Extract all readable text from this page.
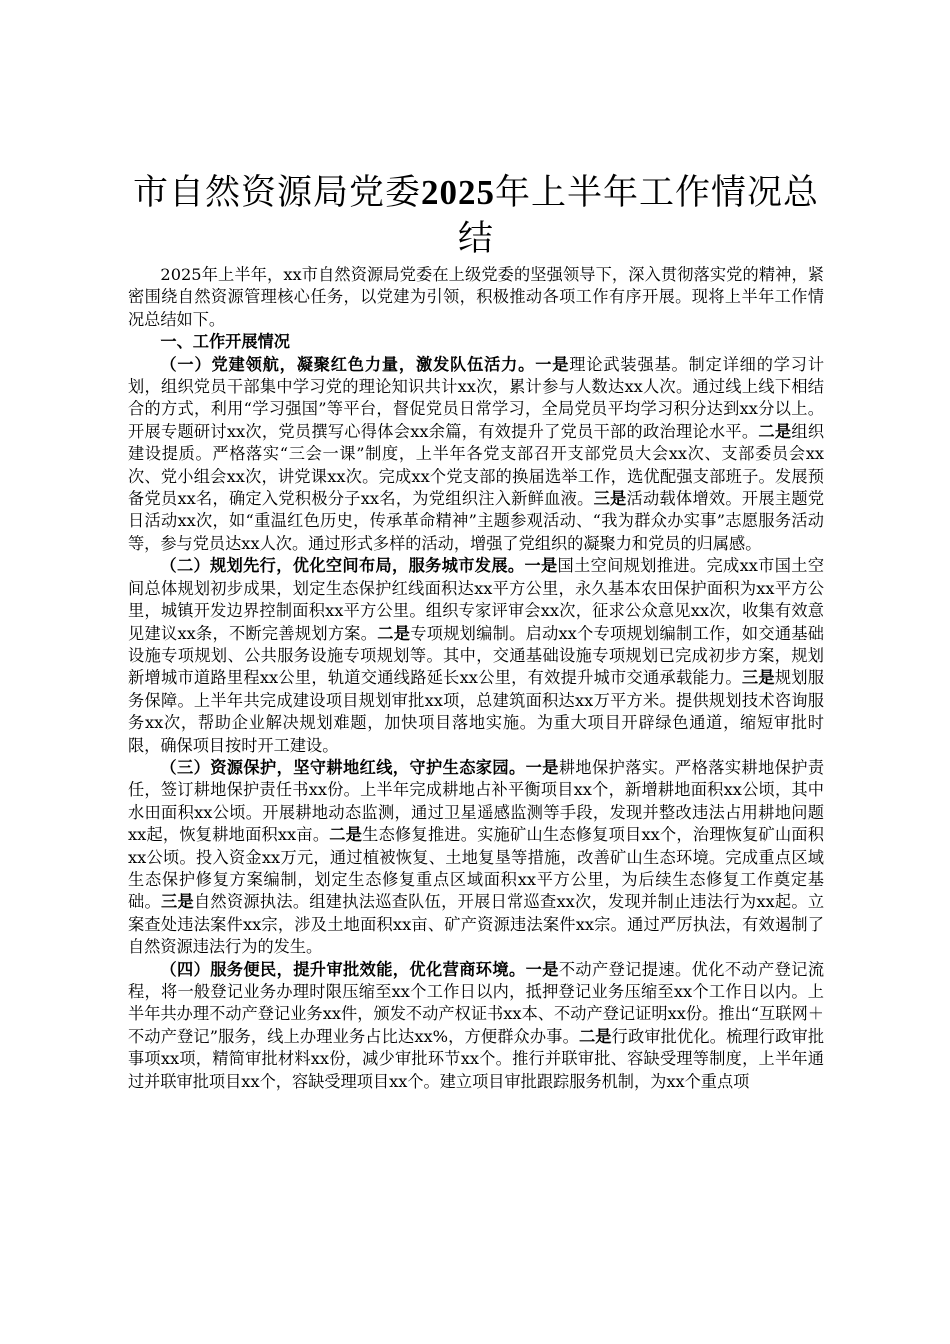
市自然资源局党委2025年上半年工作情况总结

2025年上半年，xx市自然资源局党委在上级党委的坚强领导下，深入贯彻落实党的精神，紧密围绕自然资源管理核心任务，以党建为引领，积极推动各项工作有序开展。现将上半年工作情况总结如下。

一、工作开展情况

（一）党建领航，凝聚红色力量，激发队伍活力。一是理论武装强基。制定详细的学习计划，组织党员干部集中学习党的理论知识共计xx次，累计参与人数达xx人次。通过线上线下相结合的方式，利用“学习强国”等平台，督促党员日常学习，全局党员平均学习积分达到xx分以上。开展专题研讨xx次，党员撰写心得体会xx余篇，有效提升了党员干部的政治理论水平。二是组织建设提质。严格落实“三会一课”制度，上半年各党支部召开支部党员大会xx次、支部委员会xx次、党小组会xx次，讲党课xx次。完成xx个党支部的换届选举工作，选优配强支部班子。发展预备党员xx名，确定入党积极分子xx名，为党组织注入新鲜血液。三是活动载体增效。开展主题党日活动xx次，如“重温红色历史，传承革命精神”主题参观活动、“我为群众办实事”志愿服务活动等，参与党员达xx人次。通过形式多样的活动，增强了党组织的凝聚力和党员的归属感。

（二）规划先行，优化空间布局，服务城市发展。一是国土空间规划推进。完成xx市国土空间总体规划初步成果，划定生态保护红线面积达xx平方公里，永久基本农田保护面积为xx平方公里，城镇开发边界控制面积xx平方公里。组织专家评审会xx次，征求公众意见xx次，收集有效意见建议xx条，不断完善规划方案。二是专项规划编制。启动xx个专项规划编制工作，如交通基础设施专项规划、公共服务设施专项规划等。其中，交通基础设施专项规划已完成初步方案，规划新增城市道路里程xx公里，轨道交通线路延长xx公里，有效提升城市交通承载能力。三是规划服务保障。上半年共完成建设项目规划审批xx项，总建筑面积达xx万平方米。提供规划技术咨询服务xx次，帮助企业解决规划难题，加快项目落地实施。为重大项目开辟绿色通道，缩短审批时限，确保项目按时开工建设。

（三）资源保护，坚守耕地红线，守护生态家园。一是耕地保护落实。严格落实耕地保护责任，签订耕地保护责任书xx份。上半年完成耕地占补平衡项目xx个，新增耕地面积xx公顷，其中水田面积xx公顷。开展耕地动态监测，通过卫星遥感监测等手段，发现并整改违法占用耕地问题xx起，恢复耕地面积xx亩。二是生态修复推进。实施矿山生态修复项目xx个，治理恢复矿山面积xx公顷。投入资金xx万元，通过植被恢复、土地复垦等措施，改善矿山生态环境。完成重点区域生态保护修复方案编制，划定生态修复重点区域面积xx平方公里，为后续生态修复工作奠定基础。三是自然资源执法。组建执法巡查队伍，开展日常巡查xx次，发现并制止违法行为xx起。立案查处违法案件xx宗，涉及土地面积xx亩、矿产资源违法案件xx宗。通过严厉执法，有效遏制了自然资源违法行为的发生。

（四）服务便民，提升审批效能，优化营商环境。一是不动产登记提速。优化不动产登记流程，将一般登记业务办理时限压缩至xx个工作日以内，抵押登记业务压缩至xx个工作日以内。上半年共办理不动产登记业务xx件，颁发不动产权证书xx本、不动产登记证明xx份。推出“互联网＋不动产登记”服务，线上办理业务占比达xx%，方便群众办事。二是行政审批优化。梳理行政审批事项xx项，精简审批材料xx份，减少审批环节xx个。推行并联审批、容缺受理等制度，上半年通过并联审批项目xx个，容缺受理项目xx个。建立项目审批跟踪服务机制，为xx个重点项
